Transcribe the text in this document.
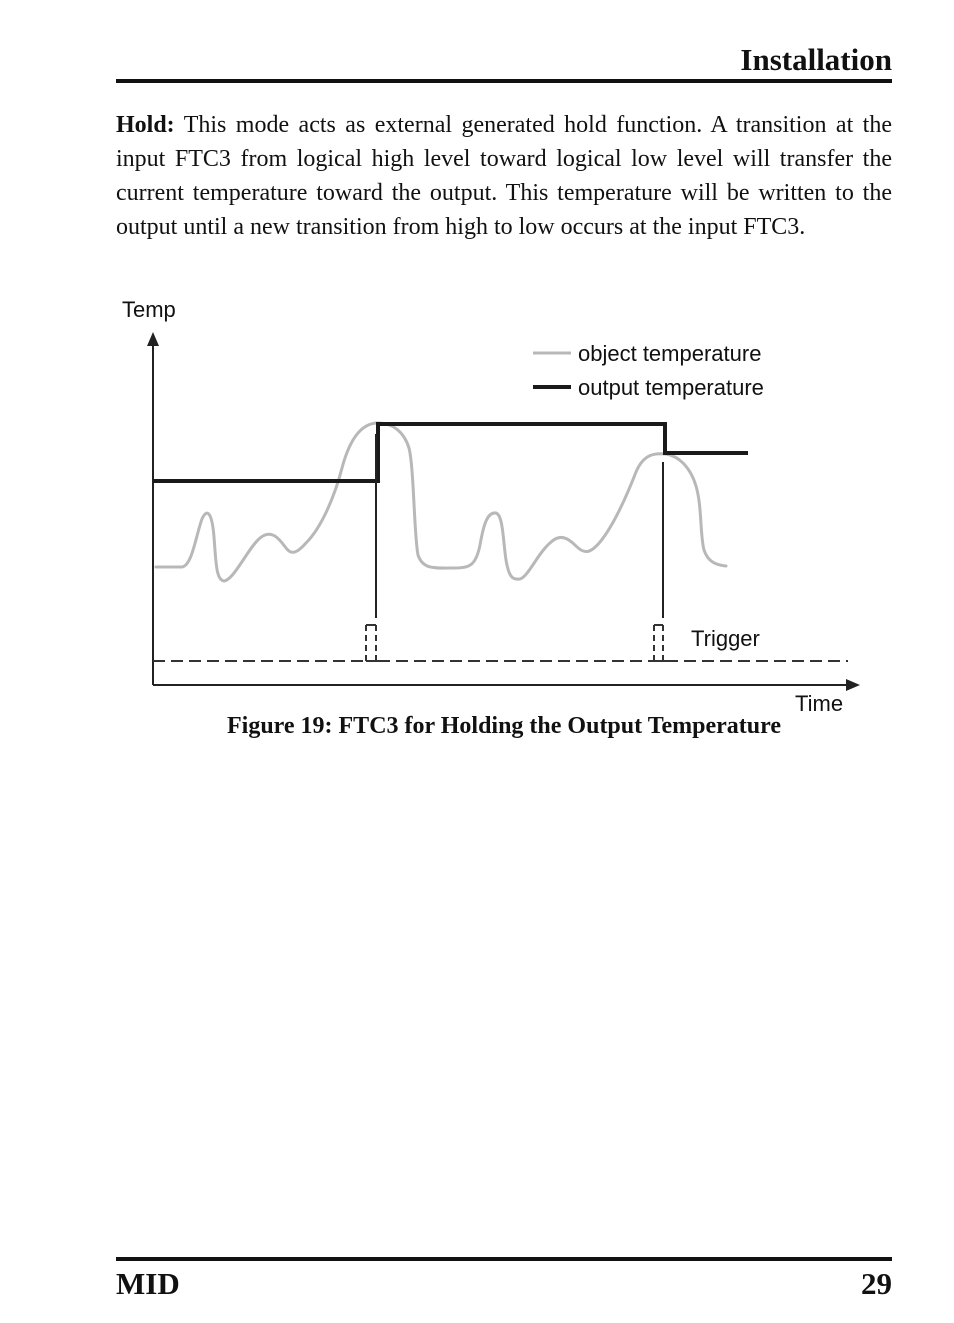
Installation

Hold: This mode acts as external generated hold function. A transition at the input FTC3 from logical high level toward logical low level will transfer the current temperature toward the output. This temperature will be written to the output until a new transition from high to low occurs at the input FTC3.

Temp
Time
object temperature
output temperature
Trigger

Figure 19: FTC3 for Holding the Output Temperature

MID	29
